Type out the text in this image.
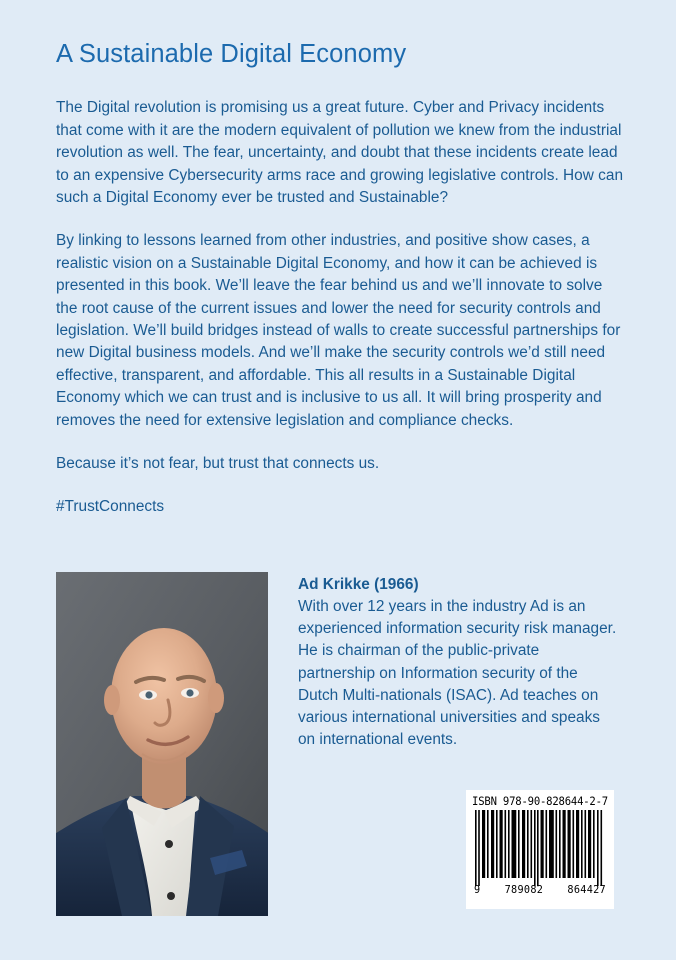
A Sustainable Digital Economy

The Digital revolution is promising us a great future. Cyber and Privacy incidents that come with it are the modern equivalent of pollution we knew from the industrial revolution as well. The fear, uncertainty, and doubt that these incidents create lead to an expensive Cybersecurity arms race and growing legislative controls. How can such a Digital Economy ever be trusted and Sustainable?

By linking to lessons learned from other industries, and positive show cases, a realistic vision on a Sustainable Digital Economy, and how it can be achieved is presented in this book. We’ll leave the fear behind us and we’ll innovate to solve the root cause of the current issues and lower the need for security controls and legislation. We’ll build bridges instead of walls to create successful partnerships for new Digital business models. And we’ll make the security controls we’d still need effective, transparent, and affordable. This all results in a Sustainable Digital Economy which we can trust and is inclusive to us all. It will bring prosperity and removes the need for extensive legislation and compliance checks.

Because it’s not fear, but trust that connects us.

#TrustConnects

Ad Krikke (1966)

With over 12 years in the industry Ad is an experienced information security risk manager. He is chairman of the public-private partnership on Information security of the Dutch Multi-nationals (ISAC). Ad teaches on various international universities and speaks on international events.

ISBN 978-90-828644-2-7
9 789082 864427
